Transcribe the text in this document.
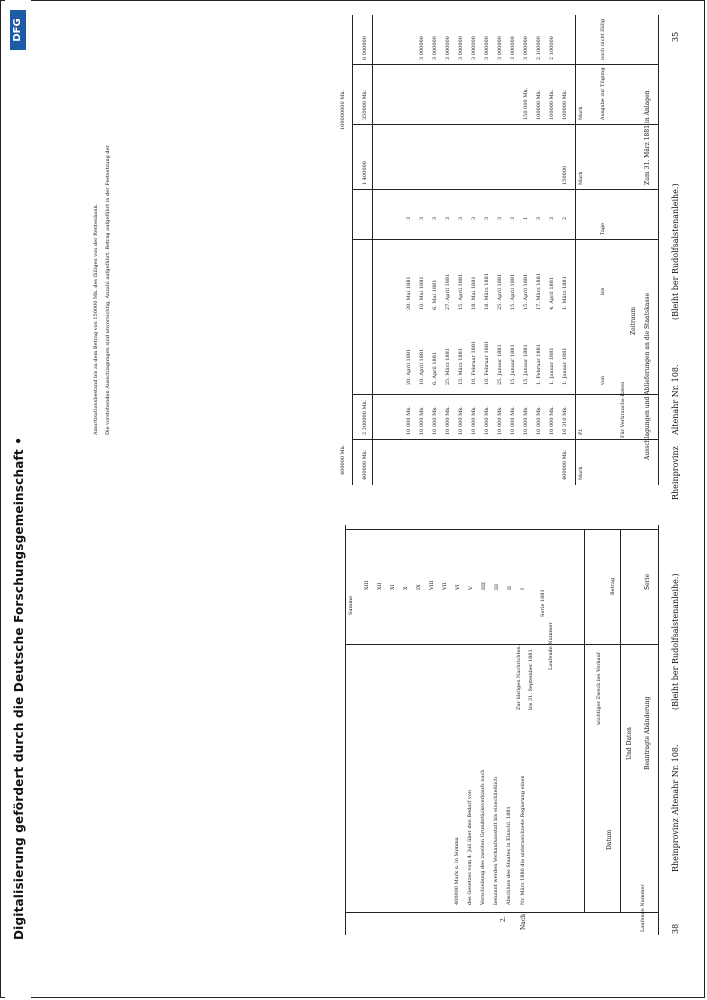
Digitalisierung gefördert durch die Deutsche Forschungsgemeinschaft •
DFG
38
Rheinprovinz
Altenahr Nr. 108.
(Bleiht ber Rudolfsalstenanleihe.)
Laufende Nummer
Beantragte Abänderung
Und Daten
Datum
wichtiger Zweck bei Verkauf
Serie
Betrag
Nach
2.
Nr. März 1880 die unterzeichnete Regierung einen
Abschluss des Staates in Einschl. 1881
benannt werden Verkaufsanstalt bis einschließlich
Verschiebung des zweiten Grundstücksverkaufs nach
des Gesetzes vom 4. Juli über den Bedarf von
400000 Mark u. in Summa
bis 31. September 1881
Zur übrigen Nachrichten.	Laufende Nummer
Serie 1881
I
II
III
IIII
V
VI
VII
VIII
IX
X
XI
XII
XIII
Summe
Rheinprovinz
Altenahr Nr. 108.
(Bleiht ber Rudolfsalstenanleihe.)
35
Ausschlagungen und Ablieferungen an die Staatskasse
Zum 31. März 1881 in Anlagen
Für Verbrauchs-Raten
Zeitraum
von
bis
Tage
Ausgabe zur Tilgung
noch nicht fällig
Mark
Pf.
Mark
Mark
400000 Mk.
150000
100000 Mk.
100000 Mk.
100000 Mk.
150 000 Mk.
10 310 Mk.
10 000 Mk.
10 000 Mk.
10 000 Mk.
10 000 Mk.
10 000 Mk.
10 000 Mk.
10 000 Mk.
10 000 Mk.
10 000 Mk.
10 000 Mk.
10 000 Mk.
10 000 Mk.
1. Januar 1881
1. Januar 1881
1. Februar 1881
15. Januar 1881
15. Januar 1881
25. Januar 1881
10. Februar 1881
10. Februar 1881
15. März 1881
25. März 1881
6. April 1881
10. April 1881
20. April 1881
1. März 1881
4. April 1881
17. März 1881
15. April 1881
15. April 1881
25. April 1881
18. März 1881
18. Mai 1881
15. April 1881
27. April 1881
6. Mai 1881
10. Mai 1881
20. Mai 1881
2
3
3
1
3
3
3
3
3
3
3
3
3
2 100000
2 100000
3 000000
3 000000
3 000000
3 000000
3 000000
3 000000
3 000000
3 000000
3 000000
400000 Mk.
2 200000 Mk.
1 400000
350000 Mk.
6 000000
400000 Mk.
100000000 Mk.
Die vorstehenden Ausschlagungen sind unvorsichtig, Anzahl aufgeführt. Betrag aufgeführt in der Festsetzung der
Amortisationsbestand bis zu dem Betrag von 150000 Mk. des fälligen von der Rentenbank.
